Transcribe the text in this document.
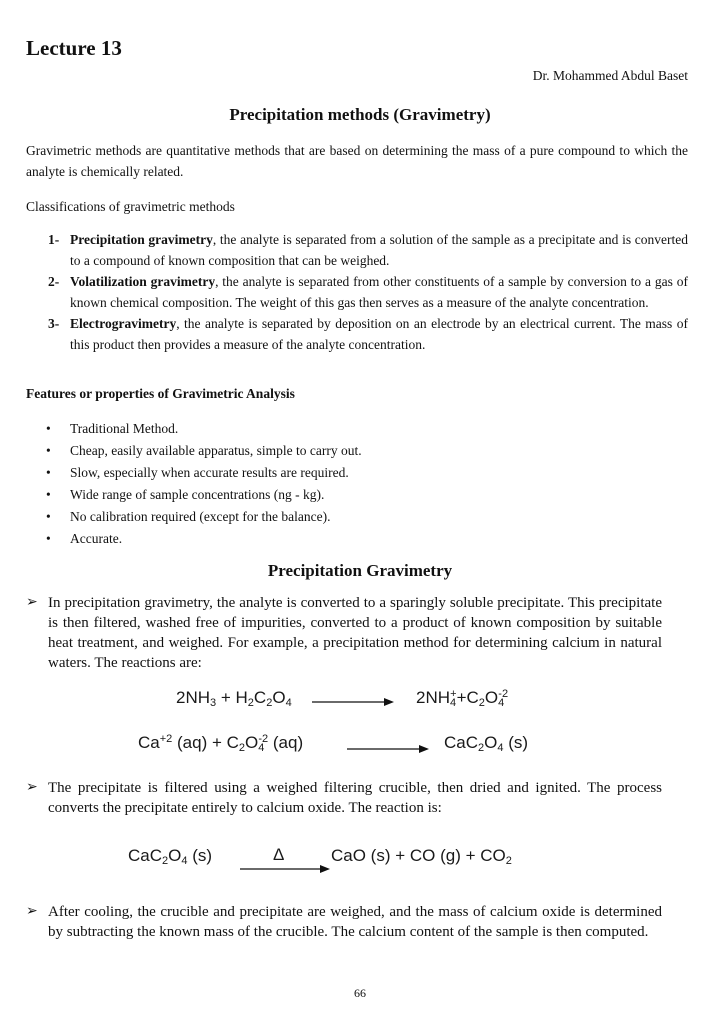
Lecture 13
Dr. Mohammed Abdul Baset
Precipitation methods (Gravimetry)
Gravimetric methods are quantitative methods that are based on determining the mass of a pure compound to which the analyte is chemically related.
Classifications of gravimetric methods
1- Precipitation gravimetry, the analyte is separated from a solution of the sample as a precipitate and is converted to a compound of known composition that can be weighed.
2- Volatilization gravimetry, the analyte is separated from other constituents of a sample by conversion to a gas of known chemical composition. The weight of this gas then serves as a measure of the analyte concentration.
3- Electrogravimetry, the analyte is separated by deposition on an electrode by an electrical current. The mass of this product then provides a measure of the analyte concentration.
Features or properties of Gravimetric Analysis
•	Traditional Method.
•	Cheap, easily available apparatus, simple to carry out.
•	Slow, especially when accurate results are required.
•	Wide range of sample concentrations (ng - kg).
•	No calibration required (except for the balance).
•	Accurate.
Precipitation Gravimetry
➢ In precipitation gravimetry, the analyte is converted to a sparingly soluble precipitate. This precipitate is then filtered, washed free of impurities, converted to a product of known composition by suitable heat treatment, and weighed. For example, a precipitation method for determining calcium in natural waters. The reactions are:
$2NH_3 + H_2C_2O_4$	$2NH_4^++C_2O_4^{-2}$
$Ca^{+2}$ $(aq) + C_2O_4^{-2}$ (aq)	$CaC_2O_4$ (s)
➢ The precipitate is filtered using a weighed filtering crucible, then dried and ignited. The process converts the precipitate entirely to calcium oxide. The reaction is:
$CaC_2O_4$ (s)	Δ	CaO (s) + CO $(g) + CO_2$
➢ After cooling, the crucible and precipitate are weighed, and the mass of calcium oxide is determined by subtracting the known mass of the crucible. The calcium content of the sample is then computed.
66
